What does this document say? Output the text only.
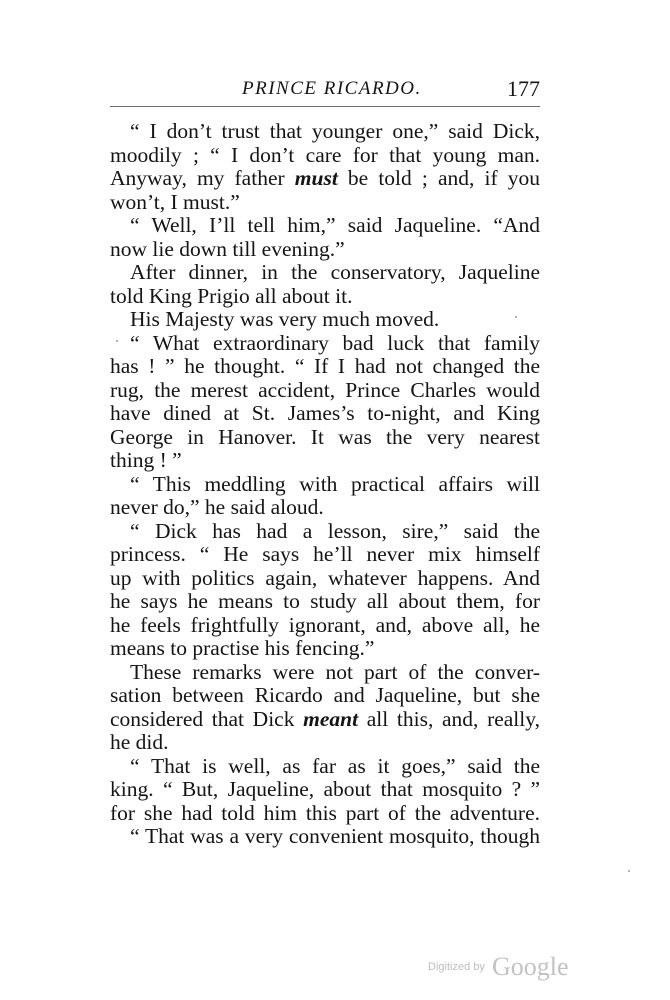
PRINCE RICARDO.	177
“ I don’t trust that younger one,” said Dick,
moodily ; “ I don’t care for that young man.
Anyway, my father must be told ; and, if you
won’t, I must.”
“ Well, I’ll tell him,” said Jaqueline. “And
now lie down till evening.”
After dinner, in the conservatory, Jaqueline
told King Prigio all about it.
His Majesty was very much moved.
“ What extraordinary bad luck that family
has ! ” he thought. “ If I had not changed the
rug, the merest accident, Prince Charles would
have dined at St. James’s to-night, and King
George in Hanover. It was the very nearest
thing ! ”
“ This meddling with practical affairs will
never do,” he said aloud.
“ Dick has had a lesson, sire,” said the
princess. “ He says he’ll never mix himself
up with politics again, whatever happens. And
he says he means to study all about them, for
he feels frightfully ignorant, and, above all, he
means to practise his fencing.”
These remarks were not part of the conver-
sation between Ricardo and Jaqueline, but she
considered that Dick meant all this, and, really,
he did.
“ That is well, as far as it goes,” said the
king. “ But, Jaqueline, about that mosquito ? ”
for she had told him this part of the adventure.
“ That was a very convenient mosquito, though
Digitized by Google
